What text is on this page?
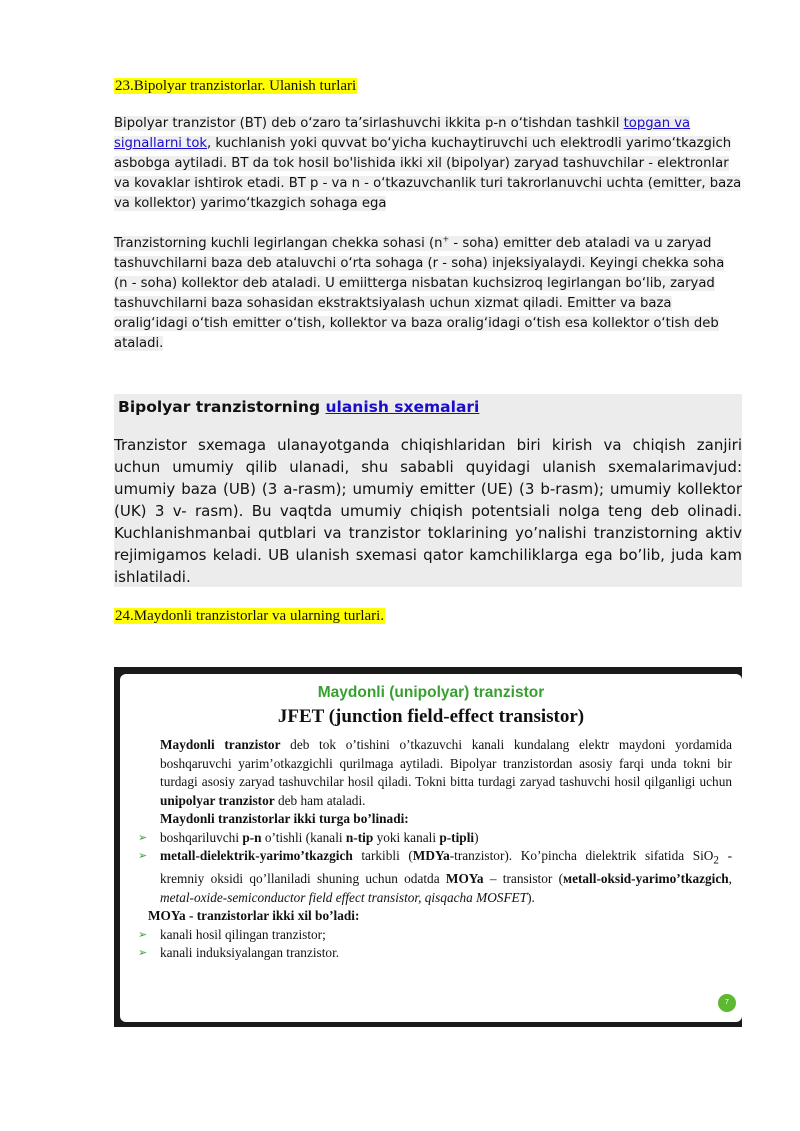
23.Bipolyar tranzistorlar. Ulanish turlari
Bipolyar tranzistor (BT) deb o‘zaro ta’sirlashuvchi ikkita p-n o‘tishdan tashkil topgan va signallarni tok, kuchlanish yoki quvvat bo‘yicha kuchaytiruvchi uch elektrodli yarimo‘tkazgich asbobga aytiladi. BT da tok hosil bo'lishida ikki xil (bipolyar) zaryad tashuvchilar - elektronlar va kovaklar ishtirok etadi. BT p - va n - o‘tkazuvchanlik turi takrorlanuvchi uchta (emitter, baza va kollektor) yarimo‘tkazgich sohaga ega
Tranzistorning kuchli legirlangan chekka sohasi (n+ - soha) emitter deb ataladi va u zaryad tashuvchilarni baza deb ataluvchi o‘rta sohaga (r - soha) injeksiyalaydi. Keyingi chekka soha (n - soha) kollektor deb ataladi. U emiitterga nisbatan kuchsizroq legirlangan bo‘lib, zaryad tashuvchilarni baza sohasidan ekstraktsiyalash uchun xizmat qiladi. Emitter va baza oralig‘idagi o‘tish emitter o‘tish, kollektor va baza oralig‘idagi o‘tish esa kollektor o‘tish deb ataladi.
Bipolyar tranzistorning ulanish sxemalari
Tranzistor sxemaga ulanayotganda chiqishlaridan biri kirish va chiqish zanjiri uchun umumiy qilib ulanadi, shu sababli quyidagi ulanish sxemalarimavjud: umumiy baza (UB) (3 a-rasm); umumiy emitter (UE) (3 b-rasm); umumiy kollektor (UK) 3 v- rasm). Bu vaqtda umumiy chiqish potentsiali nolga teng deb olinadi. Kuchlanishmanbai qutblari va tranzistor toklarining yo’nalishi tranzistorning aktiv rejimigamos keladi. UB ulanish sxemasi qator kamchiliklarga ega bo’lib, juda kam ishlatiladi.
24.Maydonli tranzistorlar va ularning turlari.
Maydonli (unipolyar) tranzistor
JFET (junction field-effect transistor)
Maydonli tranzistor deb tok o’tishini o’tkazuvchi kanali kundalang elektr maydoni yordamida boshqaruvchi yarim’otkazgichli qurilmaga aytiladi. Bipolyar tranzistordan asosiy farqi unda tokni bir turdagi asosiy zaryad tashuvchilar hosil qiladi. Tokni bitta turdagi zaryad tashuvchi hosil qilganligi uchun unipolyar tranzistor deb ham ataladi.
Maydonli tranzistorlar ikki turga bo’linadi:
➢ boshqariluvchi p-n o’tishli (kanali n-tip yoki kanali p-tipli)
➢ metall-dielektrik-yarimo’tkazgich tarkibli (MDYa-tranzistor). Ko’pincha dielektrik sifatida SiO$_2$ - kremniy oksidi qo’llaniladi shuning uchun odatda MOYa – transistor (мetall-oksid-yarimo’tkazgich, metal-oxide-semiconductor field effect transistor, qisqacha MOSFET).
MOYa - tranzistorlar ikki xil bo’ladi:
➢ kanali hosil qilingan tranzistor;
➢ kanali induksiyalangan tranzistor.
7
